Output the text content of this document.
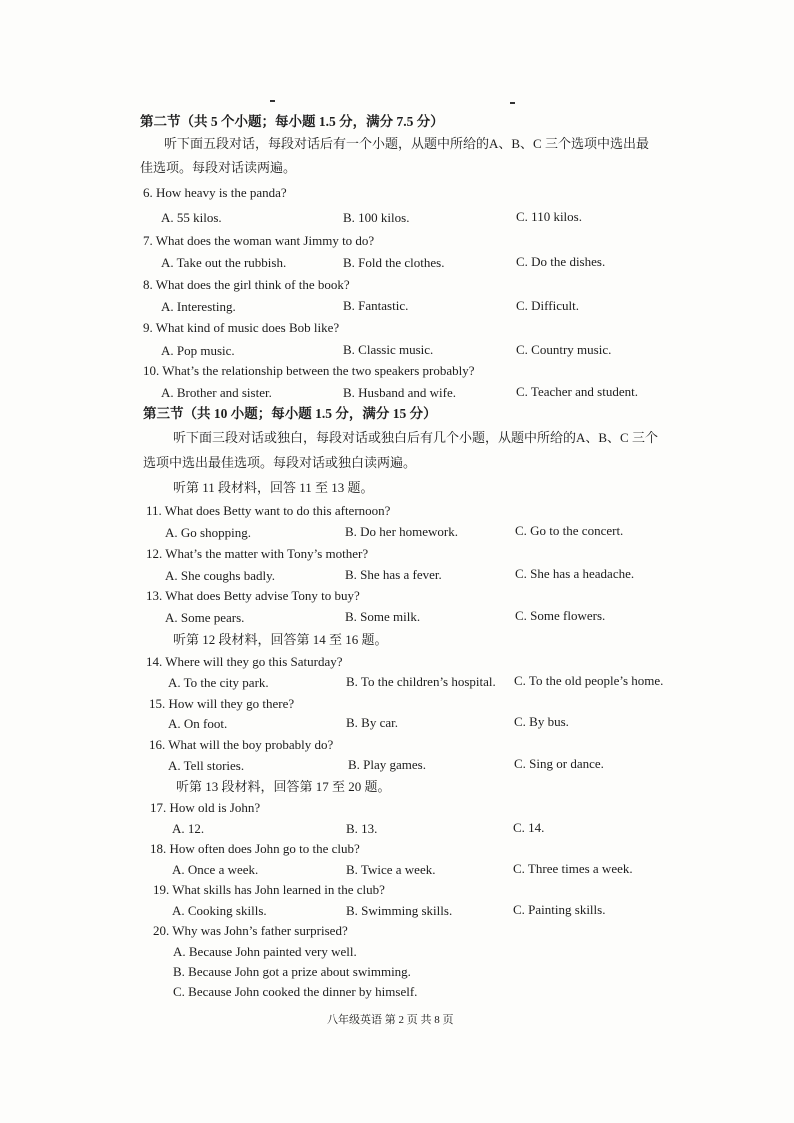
第二节（共 5 个小题；每小题 1.5 分，满分 7.5 分）
听下面五段对话，每段对话后有一个小题，从题中所给的A、B、C 三个选项中选出最
佳选项。每段对话读两遍。
6. How heavy is the panda?
A. 55 kilos.	B. 100 kilos.	C. 110 kilos.
7. What does the woman want Jimmy to do?
A. Take out the rubbish.	B. Fold the clothes.	C. Do the dishes.
8. What does the girl think of the book?
A. Interesting.	B. Fantastic.	C. Difficult.
9. What kind of music does Bob like?
A. Pop music.	B. Classic music.	C. Country music.
10. What’s the relationship between the two speakers probably?
A. Brother and sister.	B. Husband and wife.	C. Teacher and student.
第三节（共 10 小题；每小题 1.5 分，满分 15 分）
听下面三段对话或独白，每段对话或独白后有几个小题，从题中所给的A、B、C 三个
选项中选出最佳选项。每段对话或独白读两遍。
听第 11 段材料，回答 11 至 13 题。
11. What does Betty want to do this afternoon?
A. Go shopping.	B. Do her homework.	C. Go to the concert.
12. What’s the matter with Tony’s mother?
A. She coughs badly.	B. She has a fever.	C. She has a headache.
13. What does Betty advise Tony to buy?
A. Some pears.	B. Some milk.	C. Some flowers.
听第 12 段材料，回答第 14 至 16 题。
14. Where will they go this Saturday?
A. To the city park.	B. To the children’s hospital. C. To the old people’s home.
15. How will they go there?
A. On foot.	B. By car.	C. By bus.
16. What will the boy probably do?
A. Tell stories.	B. Play games.	C. Sing or dance.
听第 13 段材料，回答第 17 至 20 题。
17. How old is John?
A. 12.	B. 13.	C. 14.
18. How often does John go to the club?
A. Once a week.	B. Twice a week.	C. Three times a week.
19. What skills has John learned in the club?
A. Cooking skills.	B. Swimming skills.	C. Painting skills.
20. Why was John’s father surprised?
A. Because John painted very well.
B. Because John got a prize about swimming.
C. Because John cooked the dinner by himself.
八年级英语 第 2 页 共 8 页
